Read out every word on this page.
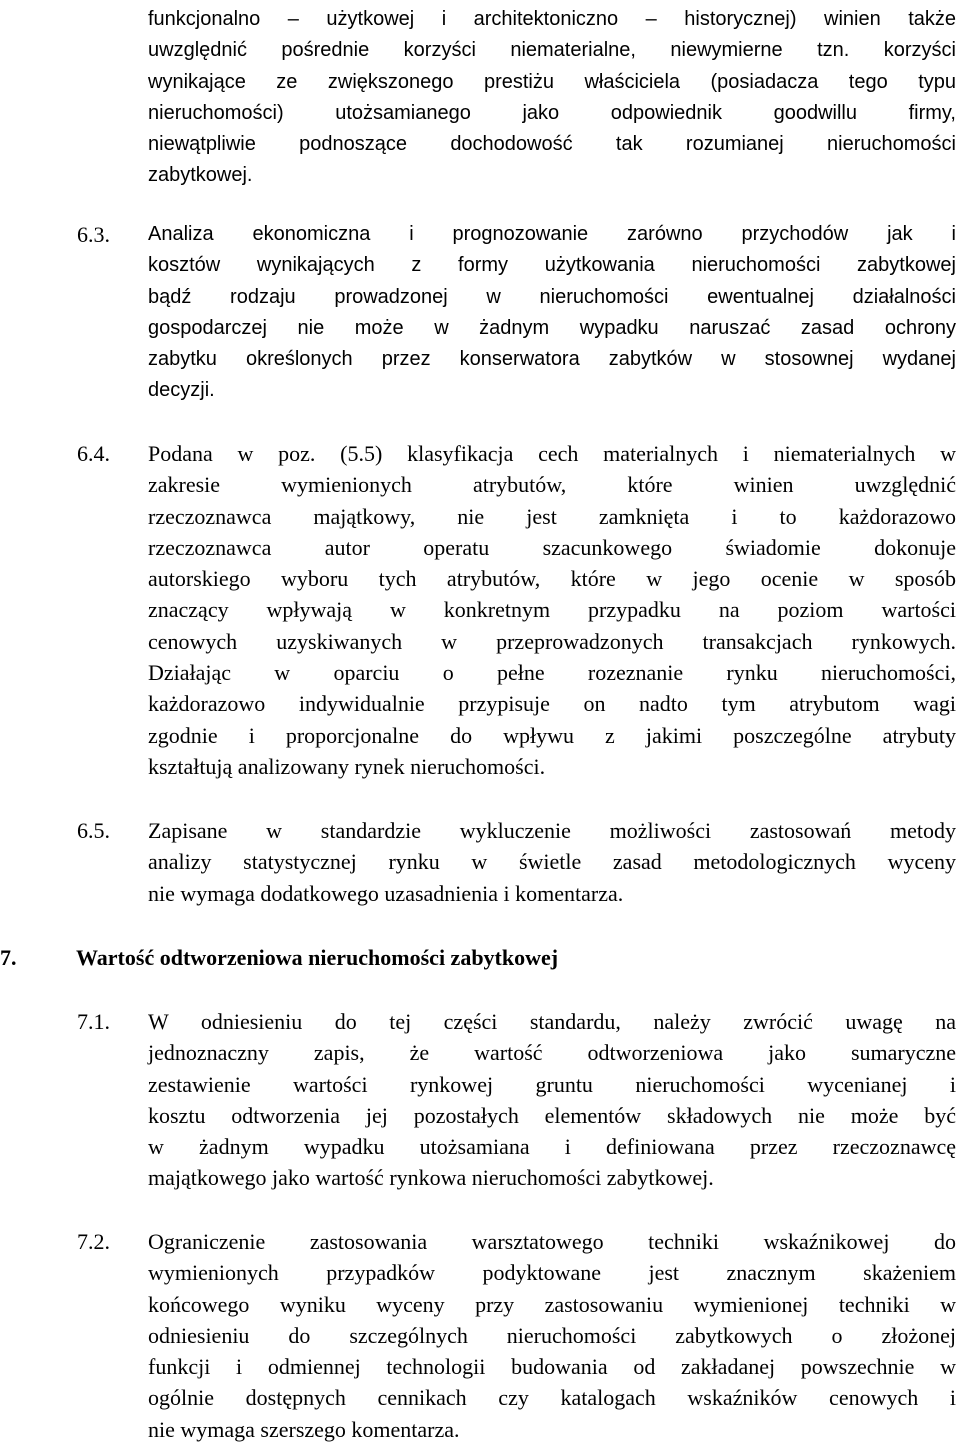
funkcjonalno – użytkowej i architektoniczno – historycznej) winien także
uwzględnić pośrednie korzyści niematerialne, niewymierne tzn. korzyści
wynikające ze zwiększonego prestiżu właściciela (posiadacza tego typu
nieruchomości) utożsamianego jako odpowiednik goodwillu firmy,
niewątpliwie podnoszące dochodowość tak rozumianej nieruchomości
zabytkowej.
6.3. Analiza ekonomiczna i prognozowanie zarówno przychodów jak i
kosztów wynikających z formy użytkowania nieruchomości zabytkowej
bądź rodzaju prowadzonej w nieruchomości ewentualnej działalności
gospodarczej nie może w żadnym wypadku naruszać zasad ochrony
zabytku określonych przez konserwatora zabytków w stosownej wydanej
decyzji.
6.4. Podana w poz. (5.5) klasyfikacja cech materialnych i niematerialnych w
zakresie wymienionych atrybutów, które winien uwzględnić
rzeczoznawca majątkowy, nie jest zamknięta i to każdorazowo
rzeczoznawca autor operatu szacunkowego świadomie dokonuje
autorskiego wyboru tych atrybutów, które w jego ocenie w sposób
znaczący wpływają w konkretnym przypadku na poziom wartości
cenowych uzyskiwanych w przeprowadzonych transakcjach rynkowych.
Działając w oparciu o pełne rozeznanie rynku nieruchomości,
każdorazowo indywidualnie przypisuje on nadto tym atrybutom wagi
zgodnie i proporcjonalne do wpływu z jakimi poszczególne atrybuty
kształtują analizowany rynek nieruchomości.
6.5. Zapisane w standardzie wykluczenie możliwości zastosowań metody
analizy statystycznej rynku w świetle zasad metodologicznych wyceny
nie wymaga dodatkowego uzasadnienia i komentarza.
7.	Wartość odtworzeniowa nieruchomości zabytkowej
7.1. W odniesieniu do tej części standardu, należy zwrócić uwagę na
jednoznaczny zapis, że wartość odtworzeniowa jako sumaryczne
zestawienie wartości rynkowej gruntu nieruchomości wycenianej i
kosztu odtworzenia jej pozostałych elementów składowych nie może być
w żadnym wypadku utożsamiana i definiowana przez rzeczoznawcę
majątkowego jako wartość rynkowa nieruchomości zabytkowej.
7.2. Ograniczenie zastosowania warsztatowego techniki wskaźnikowej do
wymienionych przypadków podyktowane jest znacznym skażeniem
końcowego wyniku wyceny przy zastosowaniu wymienionej techniki w
odniesieniu do szczególnych nieruchomości zabytkowych o złożonej
funkcji i odmiennej technologii budowania od zakładanej powszechnie w
ogólnie dostępnych cennikach czy katalogach wskaźników cenowych i
nie wymaga szerszego komentarza.
